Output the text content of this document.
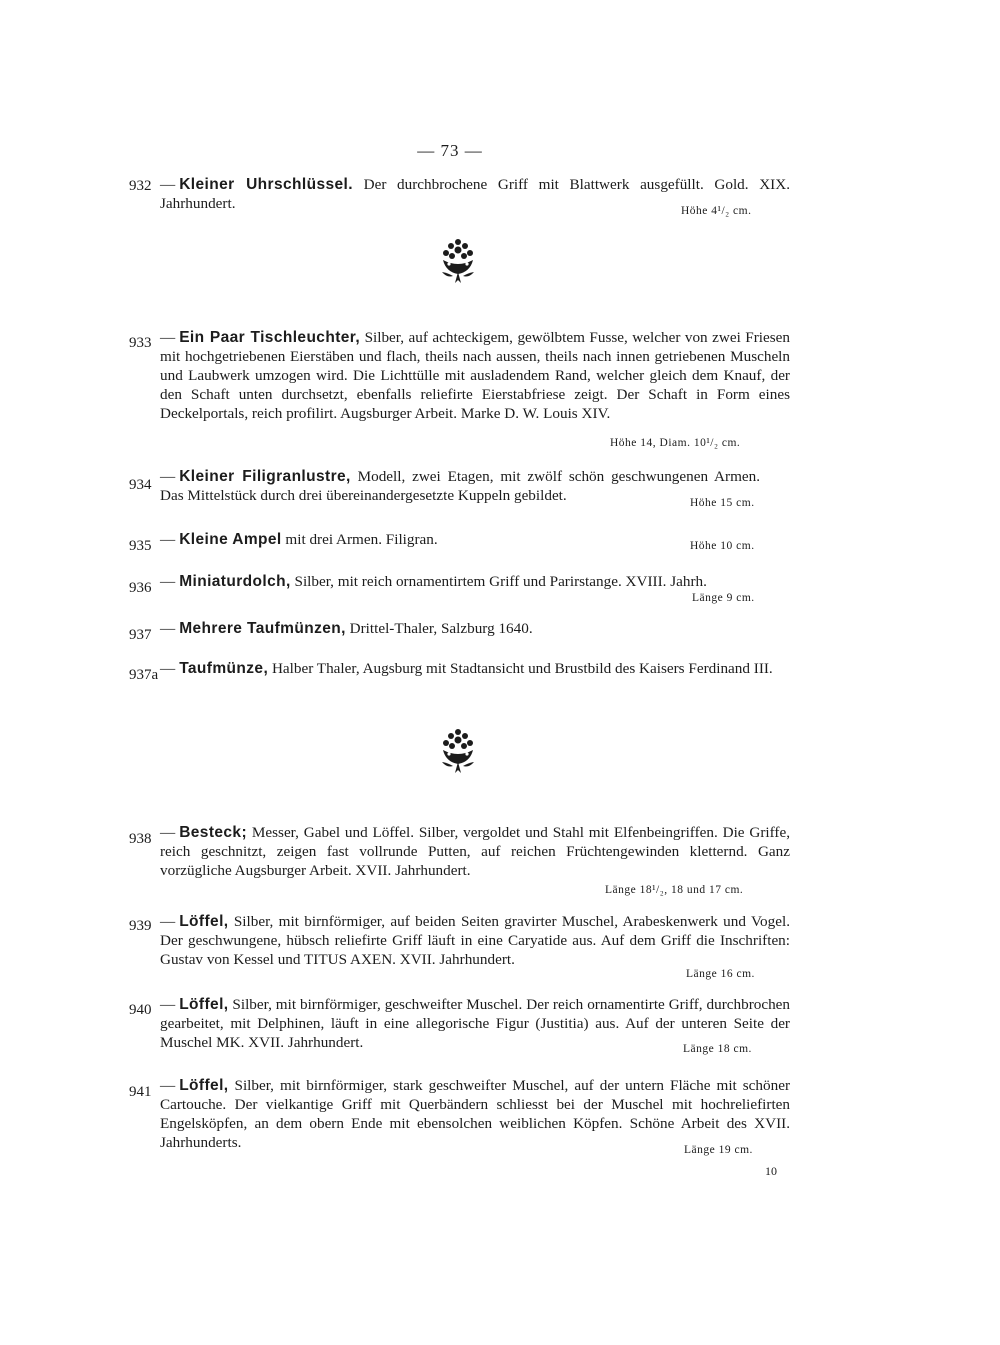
— 73 —
932 — Kleiner Uhrschlüssel. Der durchbrochene Griff mit Blattwerk ausgefüllt. Gold. XIX. Jahrhundert.	Höhe 4¹/₂ cm.
933 — Ein Paar Tischleuchter, Silber, auf achteckigem, gewölbtem Fusse, welcher von zwei Friesen mit hochgetriebenen Eierstäben und flach, theils nach aussen, theils nach innen getriebenen Muscheln und Laubwerk umzogen wird. Die Lichttülle mit ausladendem Rand, welcher gleich dem Knauf, der den Schaft unten durchsetzt, ebenfalls reliefirte Eierstabfriese zeigt. Der Schaft in Form eines Deckelportals, reich profilirt. Augsburger Arbeit. Marke D. W. Louis XIV.

Höhe 14, Diam. 10¹/₂ cm.
934 — Kleiner Filigranlustre, Modell, zwei Etagen, mit zwölf schön geschwungenen Armen. Das Mittelstück durch drei übereinandergesetzte Kuppeln gebildet.	Höhe 15 cm.
935 — Kleine Ampel mit drei Armen. Filigran.	Höhe 10 cm.
936 — Miniaturdolch, Silber, mit reich ornamentirtem Griff und Parirstange. XVIII. Jahrh.

Länge 9 cm.
937 — Mehrere Taufmünzen, Drittel-Thaler, Salzburg 1640.

937a — Taufmünze, Halber Thaler, Augsburg mit Stadtansicht und Brustbild des Kaisers Ferdinand III.

938 — Besteck; Messer, Gabel und Löffel. Silber, vergoldet und Stahl mit Elfenbeingriffen. Die Griffe, reich geschnitzt, zeigen fast vollrunde Putten, auf reichen Früchtengewinden kletternd. Ganz vorzügliche Augsburger Arbeit. XVII. Jahrhundert.

Länge 18¹/₂, 18 und 17 cm.
939 — Löffel, Silber, mit birnförmiger, auf beiden Seiten gravirter Muschel, Arabeskenwerk und Vogel. Der geschwungene, hübsch reliefirte Griff läuft in eine Caryatide aus. Auf dem Griff die Inschriften: Gustav von Kessel und TITUS AXEN. XVII. Jahrhundert.

Länge 16 cm.
940 — Löffel, Silber, mit birnförmiger, geschweifter Muschel. Der reich ornamentirte Griff, durchbrochen gearbeitet, mit Delphinen, läuft in eine allegorische Figur (Justitia) aus. Auf der unteren Seite der Muschel MK. XVII. Jahrhundert.	Länge 18 cm.
941 — Löffel, Silber, mit birnförmiger, stark geschweifter Muschel, auf der untern Fläche mit schöner Cartouche. Der vielkantige Griff mit Querbändern schliesst bei der Muschel mit hochreliefirten Engelsköpfen, an dem obern Ende mit ebensolchen weiblichen Köpfen. Schöne Arbeit des XVII. Jahrhunderts.	Länge 19 cm.
10
